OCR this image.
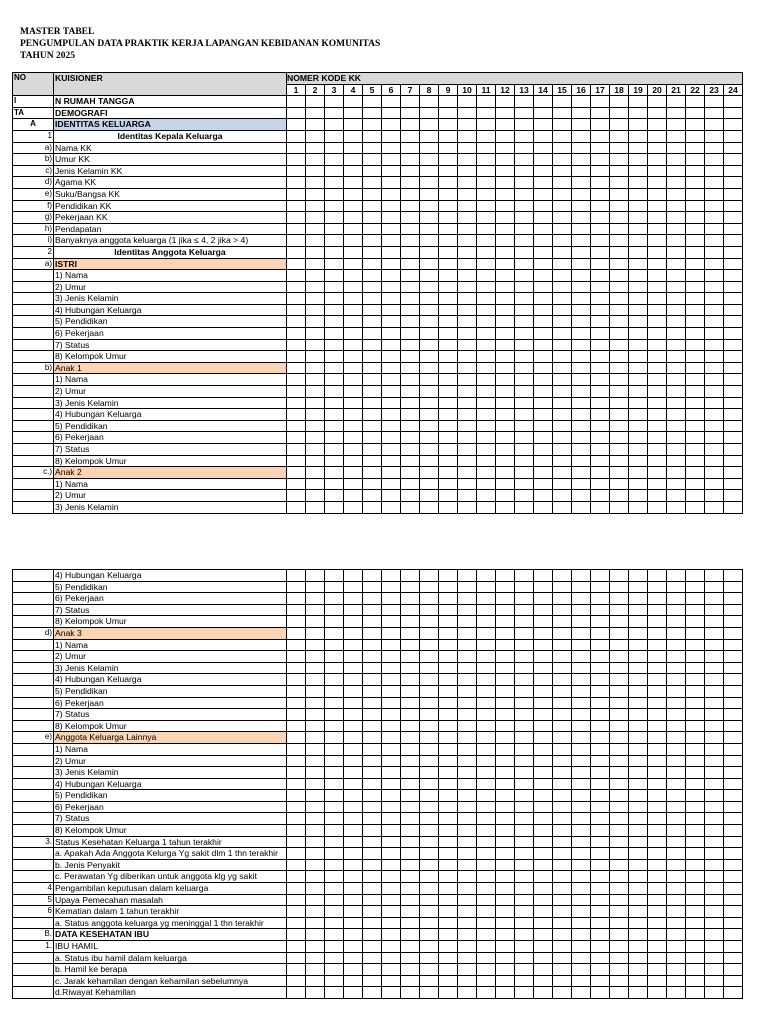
MASTER TABEL
PENGUMPULAN DATA PRAKTIK KERJA LAPANGAN KEBIDANAN KOMUNITAS
TAHUN 2025
NO	KUISIONER	NOMER KODE KK																							
		1	2	3	4	5	6	7	8	9	10	11	12	13	14	15	16	17	18	19	20	21	22	23	24
I	N RUMAH TANGGA																								
TA	DEMOGRAFI																								
A	IDENTITAS KELUARGA																								
1	Identitas Kepala Keluarga																								
a)	Nama KK																								
b)	Umur KK																								
c)	Jenis Kelamin KK																								
d)	Agama KK																								
e)	Suku/Bangsa KK																								
f)	Pendidikan KK																								
g)	Pekerjaan KK																								
h)	Pendapatan																								
i)	Banyaknya anggota keluarga (1 jika ≤ 4, 2 jika > 4)																								
2	Identitas Anggota Keluarga																								
a)	ISTRI																								
	1) Nama																								
	2) Umur																								
	3) Jenis Kelamin																								
	4) Hubungan Keluarga																								
	5) Pendidikan																								
	6) Pekerjaan																								
	7) Status																								
	8) Kelompok Umur																								
b)	Anak 1																								
	1) Nama																								
	2) Umur																								
	3) Jenis Kelamin																								
	4) Hubungan Keluarga																								
	5) Pendidikan																								
	6) Pekerjaan																								
	7) Status																								
	8) Kelompok Umur																								
c.)	Anak 2																								
	1) Nama																								
	2) Umur																								
	3) Jenis Kelamin																								
	4) Hubungan Keluarga																								
	5) Pendidikan																								
	6) Pekerjaan																								
	7) Status																								
	8) Kelompok Umur																								
d)	Anak 3																								
	1) Nama																								
	2) Umur																								
	3) Jenis Kelamin																								
	4) Hubungan Keluarga																								
	5) Pendidikan																								
	6) Pekerjaan																								
	7) Status																								
	8) Kelompok Umur																								
e)	Anggota Keluarga Lainnya																								
	1) Nama																								
	2) Umur																								
	3) Jenis Kelamin																								
	4) Hubungan Keluarga																								
	5) Pendidikan																								
	6) Pekerjaan																								
	7) Status																								
	8) Kelompok Umur																								
3.	Status Kesehatan Keluarga 1 tahun terakhir																								
	a. Apakah Ada Anggota Kelurga Yg sakit dlm 1 thn terakhir																								
	b. Jenis Penyakit																								
	c. Perawatan Yg diberikan untuk anggota klg yg sakit																								
4	Pengambilan keputusan dalam keluarga																								
5	Upaya Pemecahan masalah																								
6	Kematian dalam 1 tahun terakhir																								
	a. Status anggota keluarga yg meninggal 1 thn terakhir																								
B.	DATA KESEHATAN IBU																								
1.	IBU HAMIL																								
	a. Status ibu hamil dalam keluarga																								
	b. Hamil ke berapa																								
	c. Jarak kehamilan dengan kehamilan sebelumnya																								
	d.Riwayat Kehamilan																								
